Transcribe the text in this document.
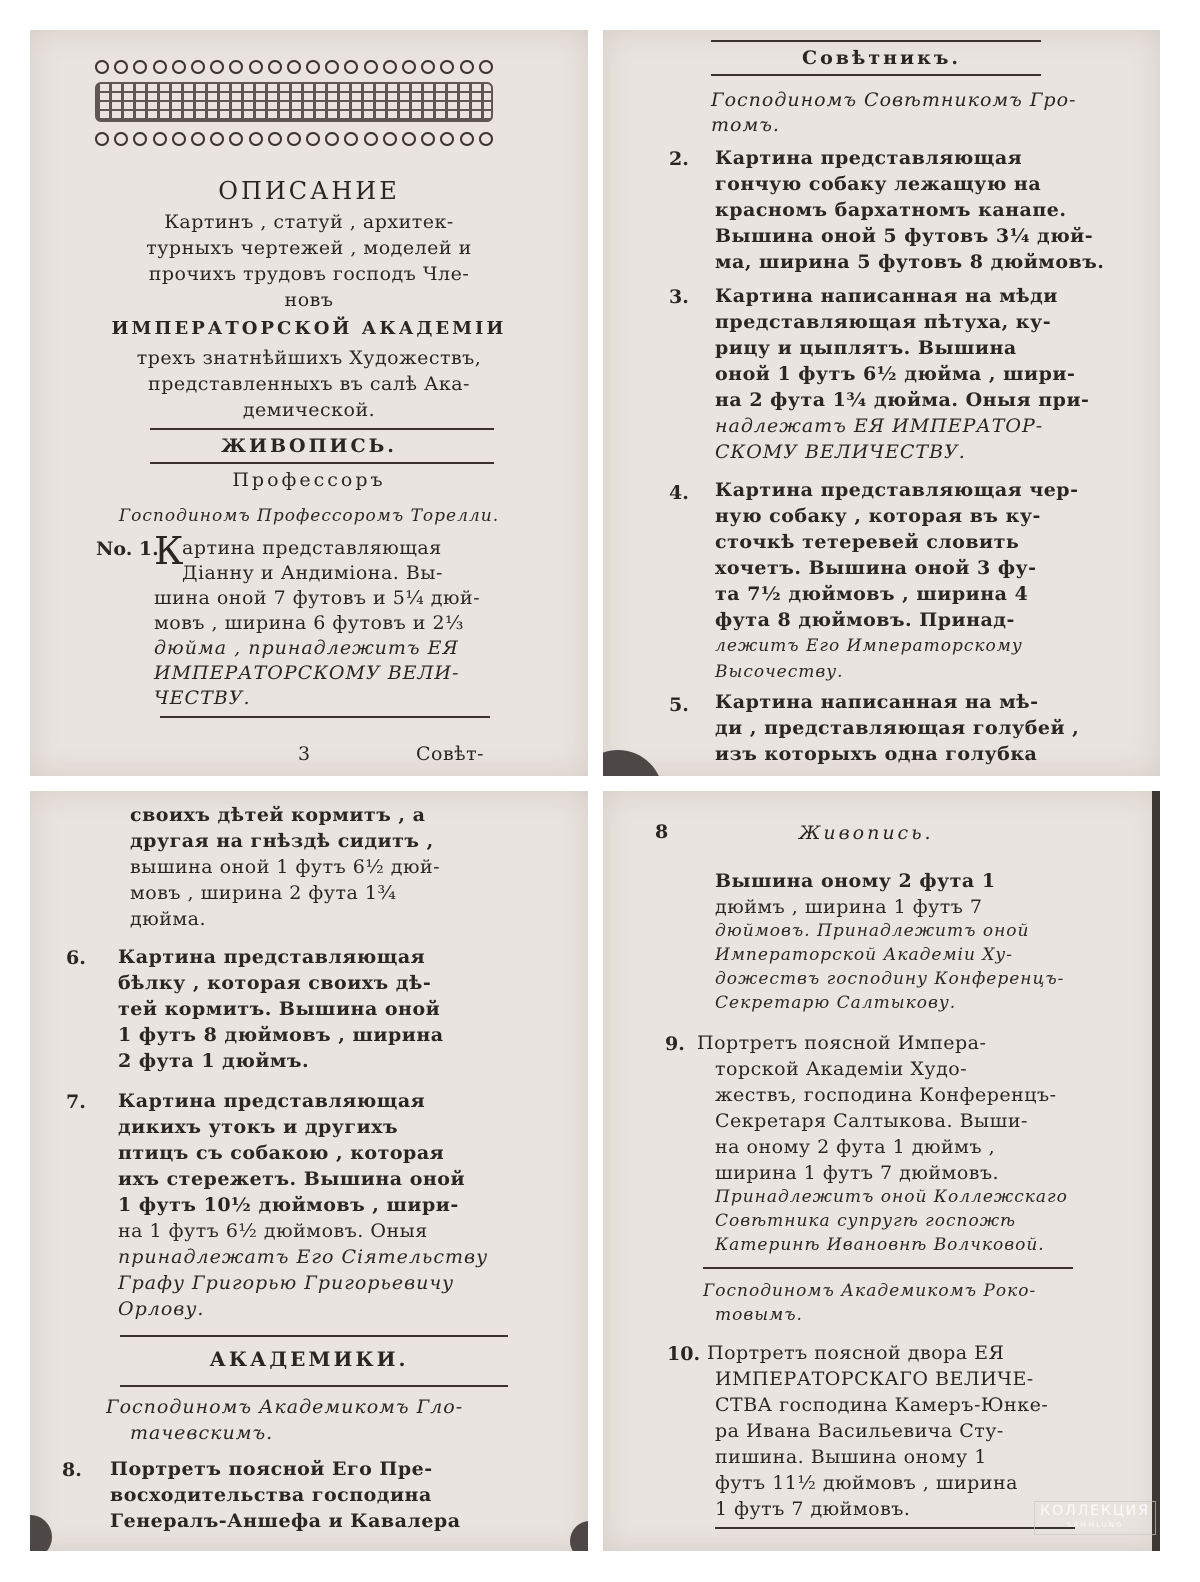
ОПИСАНИЕ
Картинъ , статуй , архитек-
турныхъ чертежей , моделей и
прочихъ трудовъ господъ Чле-
новъ
ИМПЕРАТОРСКОЙ АКАДЕМIИ
трехъ знатнѣйшихъ Художествъ,
представленныхъ въ салѣ Ака-
демической.
ЖИВОПИСЬ.
Профессоръ
Господиномъ Профессоромъ Торелли.
No. 1.
К
артина представляющая
Дiанну и Андимiона. Вы-
шина оной 7 футовъ и 5¼ дюй-
мовъ , ширина 6 футовъ и 2⅓
дюйма , принадлежитъ ЕЯ
ИМПЕРАТОРСКОМУ ВЕЛИ-
ЧЕСТВУ.
3	Совѣт-
Совѣтникъ.
Господиномъ Совѣтникомъ Гро-
томъ.
2. Картина представляющая
гончую собаку лежащую на
красномъ бархатномъ канапе.
Вышина оной 5 футовъ 3¼ дюй-
ма, ширина 5 футовъ 8 дюймовъ.
3. Картина написанная на мѣди
представляющая пѣтуха, ку-
рицу и цыплятъ. Вышина
оной 1 футъ 6½ дюйма , шири-
на 2 фута 1¾ дюйма. Оныя при-
надлежатъ ЕЯ ИМПЕРАТОР-
СКОМУ ВЕЛИЧЕСТВУ.
4. Картина представляющая чер-
ную собаку , которая въ ку-
сточкѣ тетеревей словить
хочетъ. Вышина оной 3 фу-
та 7½ дюймовъ , ширина 4
фута 8 дюймовъ. Принад-
лежитъ Его Императорскому
Высочеству.
5. Картина написанная на мѣ-
ди , представляющая голубей ,
изъ которыхъ одна голубка
своихъ дѣтей кормитъ , а
другая на гнѣздѣ сидитъ ,
вышина оной 1 футъ 6½ дюй-
мовъ , ширина 2 фута 1¾
дюйма.
6. Картина представляющая
бѣлку , которая своихъ дѣ-
тей кормитъ. Вышина оной
1 футъ 8 дюймовъ , ширина
2 фута 1 дюймъ.
7. Картина представляющая
дикихъ утокъ и другихъ
птицъ съ собакою , которая
ихъ стережетъ. Вышина оной
1 футъ 10½ дюймовъ , шири-
на 1 футъ 6½ дюймовъ. Оныя
принадлежатъ Его Сiятельству
Графу Григорью Григорьевичу
Орлову.
АКАДЕМИКИ.
Господиномъ Академикомъ Гло-
тачевскимъ.
8. Портретъ поясной Его Пре-
восходительства господина
Генералъ-Аншефа и Кавалера
8	Живопись.
Вышина оному 2 фута 1
дюймъ , ширина 1 футъ 7
дюймовъ. Принадлежитъ оной
Императорской Академiи Ху-
дожествъ господину Конференцъ-
Секретарю Салтыкову.
9. Портретъ поясной Импера-
торской Академiи Худо-
жествъ, господина Конференцъ-
Секретаря Салтыкова. Выши-
на оному 2 фута 1 дюймъ ,
ширина 1 футъ 7 дюймовъ.
Принадлежитъ оной Коллежскаго
Совѣтника супругѣ госпожѣ
Катеринѣ Ивановнѣ Волчковой.
Господиномъ Академикомъ Роко-
товымъ.
10. Портретъ поясной двора ЕЯ
ИМПЕРАТОРСКАГО ВЕЛИЧЕ-
СТВА господина Камеръ-Юнке-
ра Ивана Васильевича Сту-
пишина. Вышина оному 1
футъ 11½ дюймовъ , ширина
1 футъ 7 дюймовъ.	КОЛЛЕКЦИЯ
SAMMLUNG
